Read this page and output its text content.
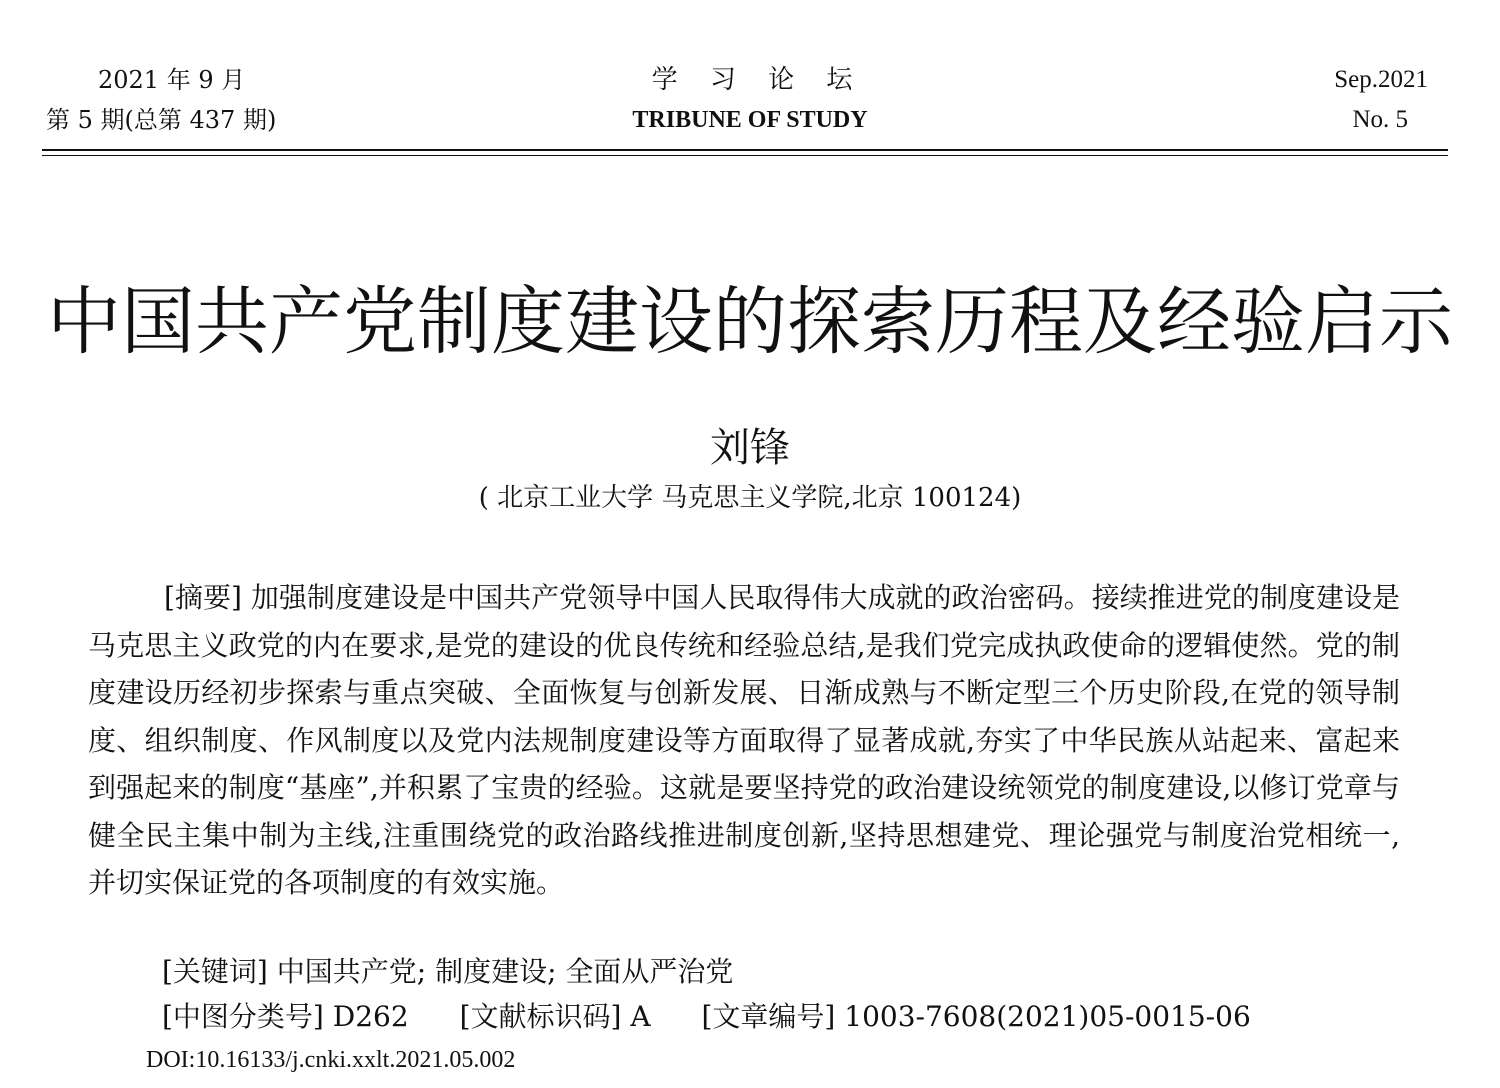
2021 年 9 月
第 5 期(总第 437 期)
学 习 论 坛
TRIBUNE OF STUDY
Sep.2021
No. 5
中国共产党制度建设的探索历程及经验启示
刘锋
( 北京工业大学 马克思主义学院,北京 100124)

[摘要] 加强制度建设是中国共产党领导中国人民取得伟大成就的政治密码。接续推进党的制度建设是马克思主义政党的内在要求,是党的建设的优良传统和经验总结,是我们党完成执政使命的逻辑使然。党的制度建设历经初步探索与重点突破、全面恢复与创新发展、日渐成熟与不断定型三个历史阶段,在党的领导制度、组织制度、作风制度以及党内法规制度建设等方面取得了显著成就,夯实了中华民族从站起来、富起来到强起来的制度“基座”,并积累了宝贵的经验。这就是要坚持党的政治建设统领党的制度建设,以修订党章与健全民主集中制为主线,注重围绕党的政治路线推进制度创新,坚持思想建党、理论强党与制度治党相统一,并切实保证党的各项制度的有效实施。

[关键词] 中国共产党; 制度建设; 全面从严治党
[中图分类号] D262 [文献标识码] A [文章编号] 1003-7608(2021)05-0015-06
DOI:10.16133/j.cnki.xxlt.2021.05.002
